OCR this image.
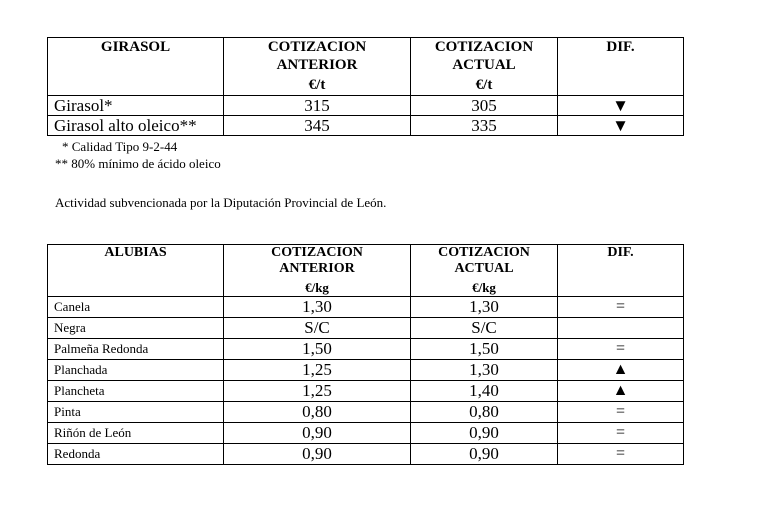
GIRASOL	COTIZACION ANTERIOR	COTIZACION ACTUAL	DIF.
	€/t	€/t	
Girasol*	315	305	▼
Girasol alto oleico**	345	335	▼
* Calidad Tipo 9-2-44
** 80% mínimo de ácido oleico
Actividad subvencionada por la Diputación Provincial de León.
ALUBIAS	COTIZACION ANTERIOR	COTIZACION ACTUAL	DIF.
	€/kg	€/kg	
Canela	1,30	1,30	=
Negra	S/C	S/C	
Palmeña Redonda	1,50	1,50	=
Planchada	1,25	1,30	▲
Plancheta	1,25	1,40	▲
Pinta	0,80	0,80	=
Riñón de León	0,90	0,90	=
Redonda	0,90	0,90	=
